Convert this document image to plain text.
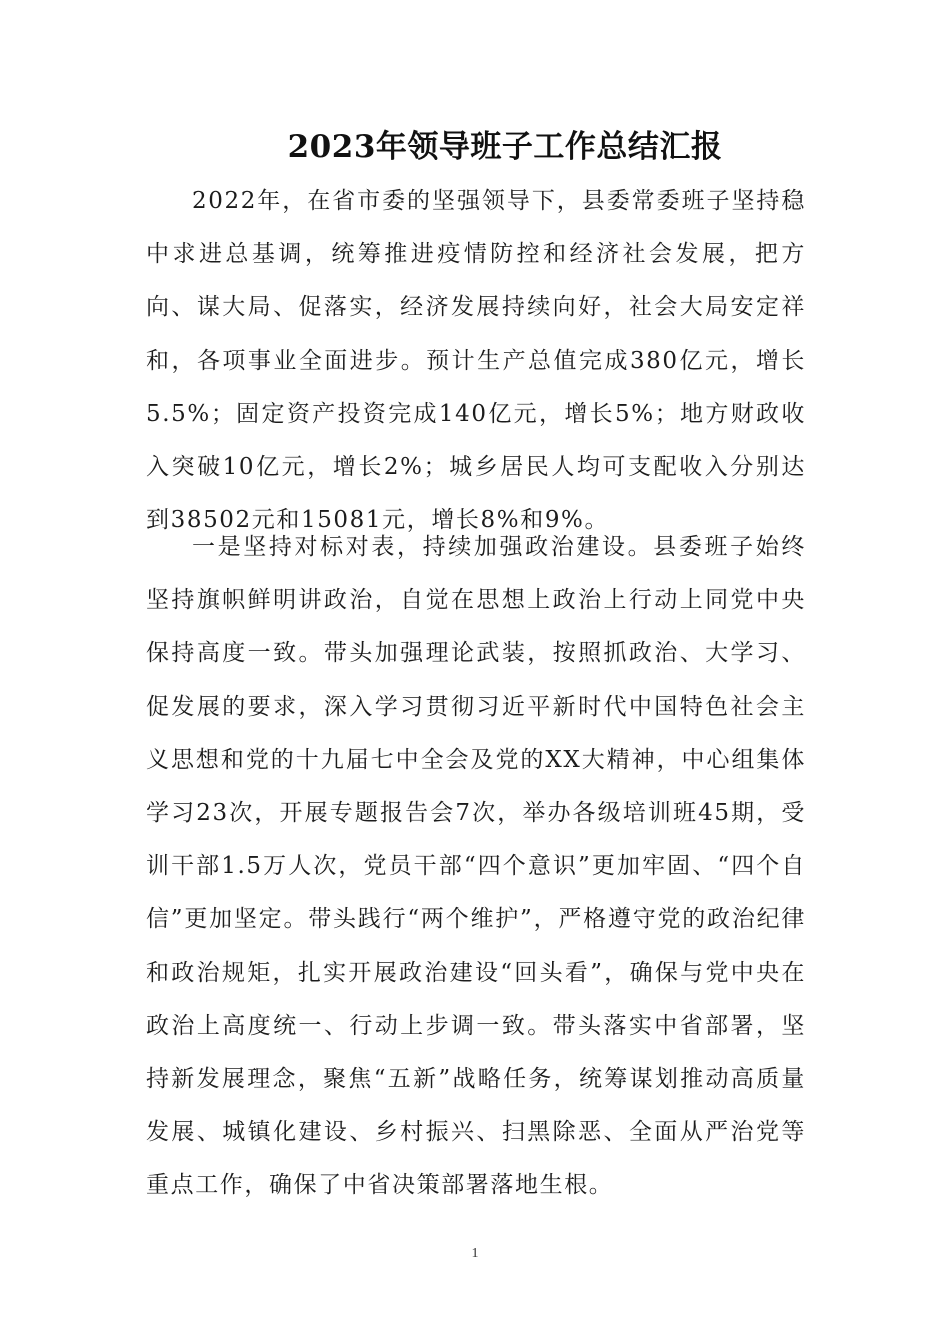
2023年领导班子工作总结汇报

2022年，在省市委的坚强领导下，县委常委班子坚持稳中求进总基调，统筹推进疫情防控和经济社会发展，把方向、谋大局、促落实，经济发展持续向好，社会大局安定祥和，各项事业全面进步。预计生产总值完成380亿元，增长5.5%；固定资产投资完成140亿元，增长5%；地方财政收入突破10亿元，增长2%；城乡居民人均可支配收入分别达到38502元和15081元，增长8%和9%。

一是坚持对标对表，持续加强政治建设。县委班子始终坚持旗帜鲜明讲政治，自觉在思想上政治上行动上同党中央保持高度一致。带头加强理论武装，按照抓政治、大学习、促发展的要求，深入学习贯彻习近平新时代中国特色社会主义思想和党的十九届七中全会及党的XX大精神，中心组集体学习23次，开展专题报告会7次，举办各级培训班45期，受训干部1.5万人次，党员干部“四个意识”更加牢固、“四个自信”更加坚定。带头践行“两个维护”，严格遵守党的政治纪律和政治规矩，扎实开展政治建设“回头看”，确保与党中央在政治上高度统一、行动上步调一致。带头落实中省部署，坚持新发展理念，聚焦“五新”战略任务，统筹谋划推动高质量发展、城镇化建设、乡村振兴、扫黑除恶、全面从严治党等重点工作，确保了中省决策部署落地生根。

1
